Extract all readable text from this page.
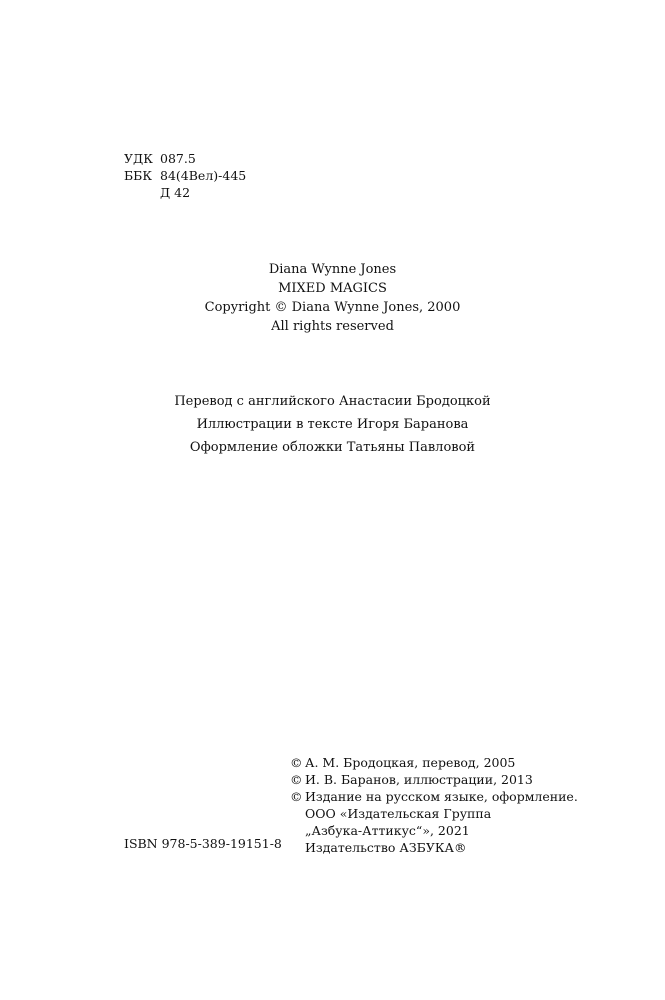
УДК 087.5
ББК 84(4Вел)-445
Д 42
Diana Wynne Jones
MIXED MAGICS
Copyright © Diana Wynne Jones, 2000
All rights reserved
Перевод с английского Анастасии Бродоцкой
Иллюстрации в тексте Игоря Баранова
Оформление обложки Татьяны Павловой
ISBN 978-5-389-19151-8
© А. М. Бродоцкая, перевод, 2005
© И. В. Баранов, иллюстрации, 2013
© Издание на русском языке, оформление.
ООО «Издательская Группа
„Азбука-Аттикус“», 2021
Издательство АЗБУКА®
